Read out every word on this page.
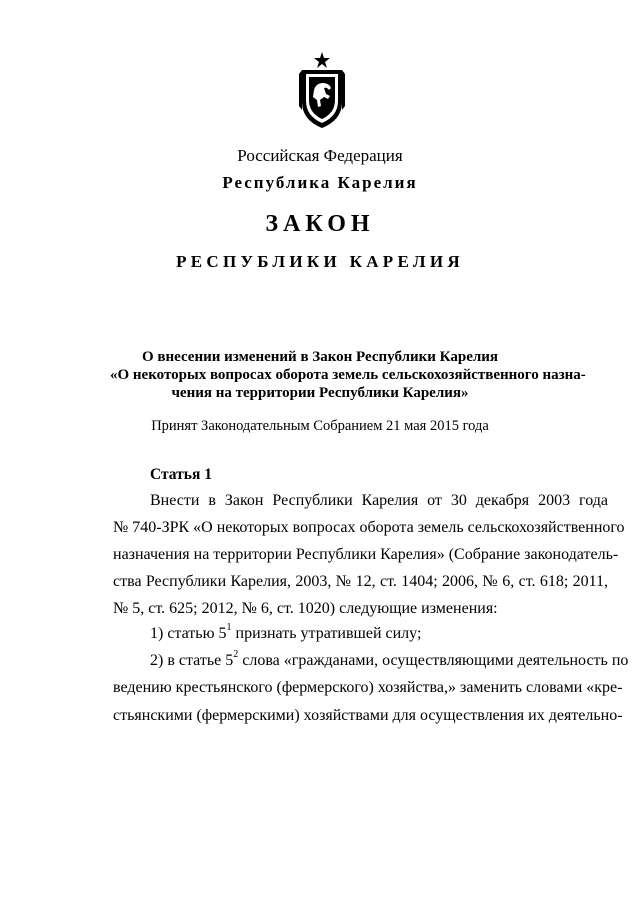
Российская Федерация
Республика Карелия
ЗАКОН
РЕСПУБЛИКИ КАРЕЛИЯ
О внесении изменений в Закон Республики Карелия
«О некоторых вопросах оборота земель сельскохозяйственного назна-
чения на территории Республики Карелия»
Принят Законодательным Собранием 21 мая 2015 года
Статья 1
Внести в Закон Республики Карелия от 30 декабря 2003 года
№ 740-ЗРК «О некоторых вопросах оборота земель сельскохозяйственного
назначения на территории Республики Карелия» (Собрание законодатель-
ства Республики Карелия, 2003, № 12, ст. 1404; 2006, № 6, ст. 618; 2011,
№ 5, ст. 625; 2012, № 6, ст. 1020) следующие изменения:
1) статью $5^1$ признать утратившей силу;
2) в статье $5^2$ слова «гражданами, осуществляющими деятельность по
ведению крестьянского (фермерского) хозяйства,» заменить словами «кре-
стьянскими (фермерскими) хозяйствами для осуществления их деятельно-
